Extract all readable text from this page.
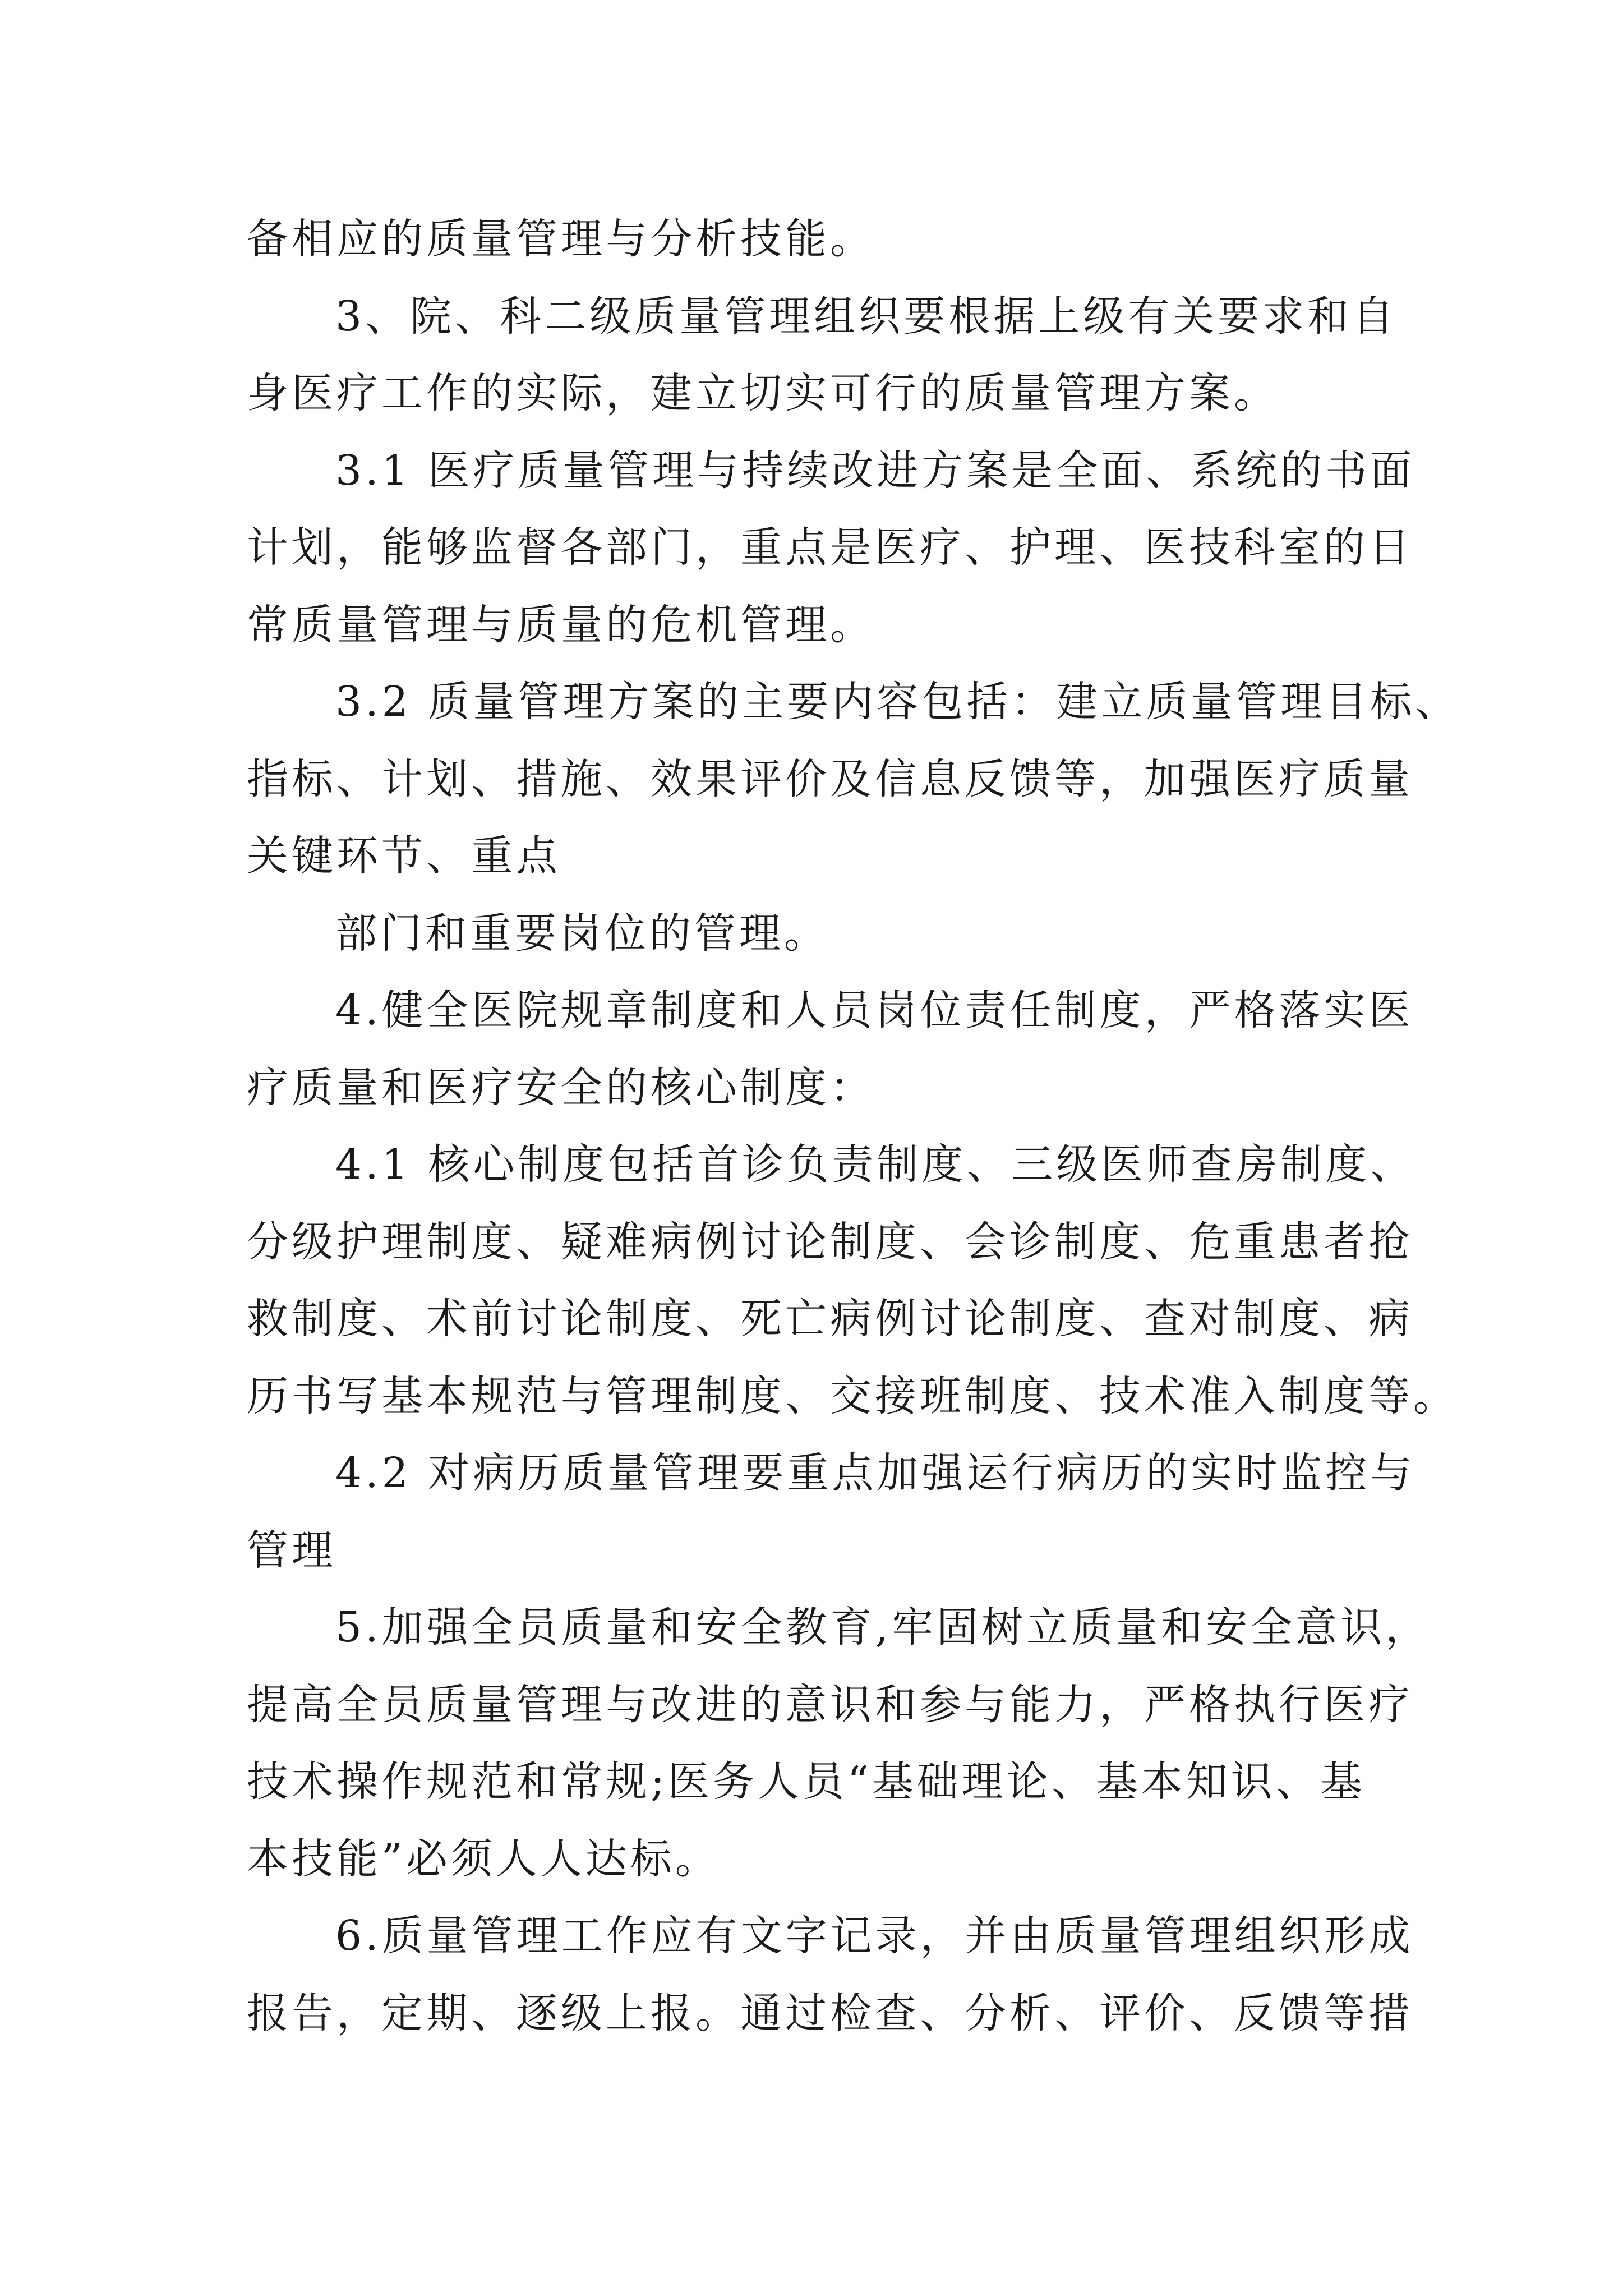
备相应的质量管理与分析技能。
3、院、科二级质量管理组织要根据上级有关要求和自
身医疗工作的实际，建立切实可行的质量管理方案。
3.1 医疗质量管理与持续改进方案是全面、系统的书面
计划，能够监督各部门，重点是医疗、护理、医技科室的日
常质量管理与质量的危机管理。
3.2 质量管理方案的主要内容包括：建立质量管理目标、
指标、计划、措施、效果评价及信息反馈等，加强医疗质量
关键环节、重点
部门和重要岗位的管理。
4.健全医院规章制度和人员岗位责任制度，严格落实医
疗质量和医疗安全的核心制度：
4.1 核心制度包括首诊负责制度、三级医师查房制度、
分级护理制度、疑难病例讨论制度、会诊制度、危重患者抢
救制度、术前讨论制度、死亡病例讨论制度、查对制度、病
历书写基本规范与管理制度、交接班制度、技术准入制度等。
4.2 对病历质量管理要重点加强运行病历的实时监控与
管理
5.加强全员质量和安全教育,牢固树立质量和安全意识，
提高全员质量管理与改进的意识和参与能力，严格执行医疗
技术操作规范和常规;医务人员“基础理论、基本知识、基
本技能”必须人人达标。
6.质量管理工作应有文字记录，并由质量管理组织形成
报告，定期、逐级上报。通过检查、分析、评价、反馈等措
